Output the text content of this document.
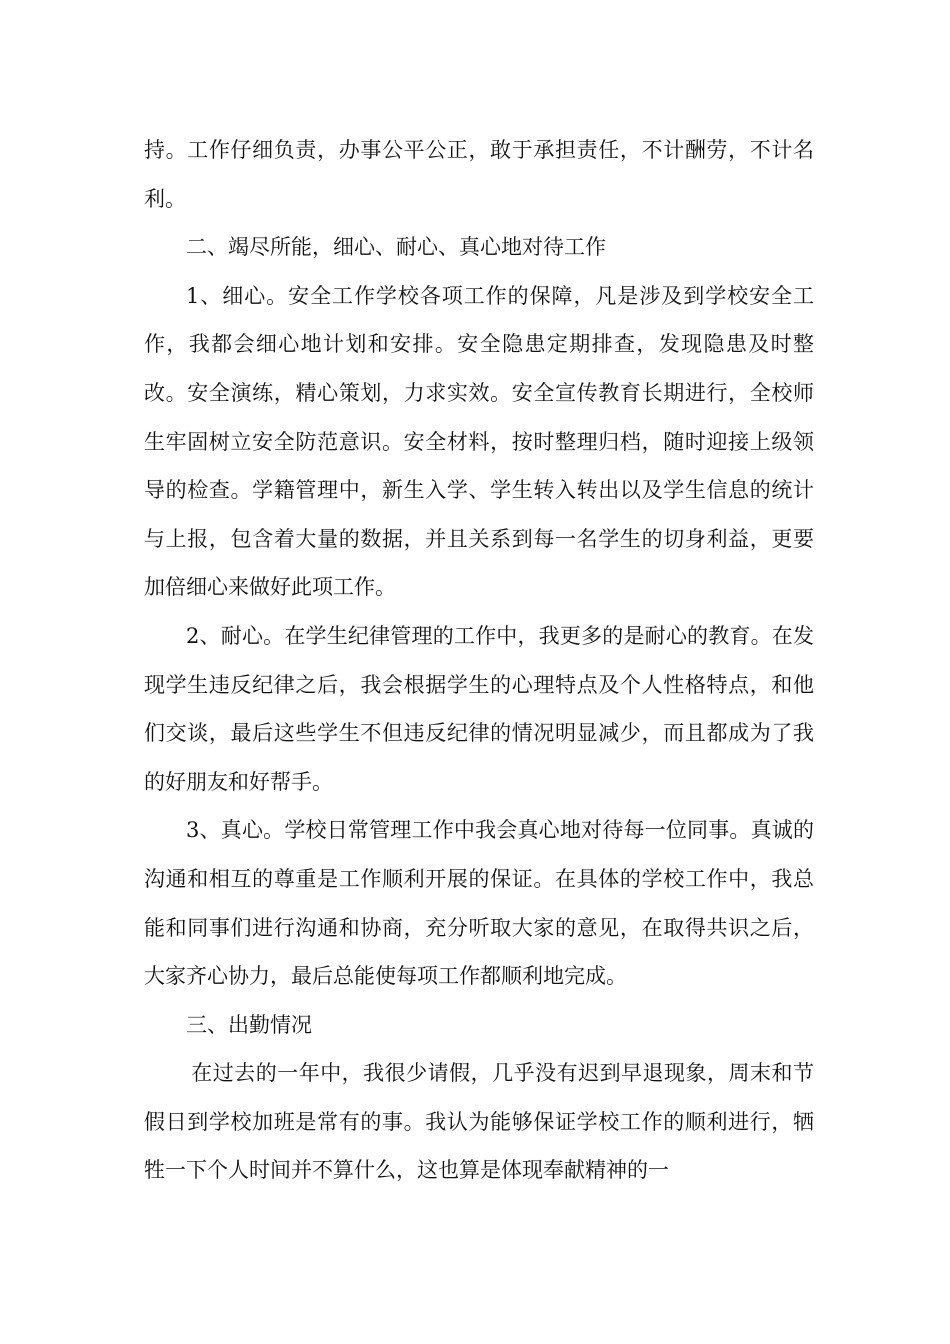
持。工作仔细负责，办事公平公正，敢于承担责任，不计酬劳，不计名利。

二、竭尽所能，细心、耐心、真心地对待工作

1、细心。安全工作学校各项工作的保障，凡是涉及到学校安全工作，我都会细心地计划和安排。安全隐患定期排查，发现隐患及时整改。安全演练，精心策划，力求实效。安全宣传教育长期进行，全校师生牢固树立安全防范意识。安全材料，按时整理归档，随时迎接上级领导的检查。学籍管理中，新生入学、学生转入转出以及学生信息的统计与上报，包含着大量的数据，并且关系到每一名学生的切身利益，更要加倍细心来做好此项工作。

2、耐心。在学生纪律管理的工作中，我更多的是耐心的教育。在发现学生违反纪律之后，我会根据学生的心理特点及个人性格特点，和他们交谈，最后这些学生不但违反纪律的情况明显减少，而且都成为了我的好朋友和好帮手。

3、真心。学校日常管理工作中我会真心地对待每一位同事。真诚的沟通和相互的尊重是工作顺利开展的保证。在具体的学校工作中，我总能和同事们进行沟通和协商，充分听取大家的意见，在取得共识之后，大家齐心协力，最后总能使每项工作都顺利地完成。

三、出勤情况

在过去的一年中，我很少请假，几乎没有迟到早退现象，周末和节假日到学校加班是常有的事。我认为能够保证学校工作的顺利进行，牺牲一下个人时间并不算什么，这也算是体现奉献精神的一
